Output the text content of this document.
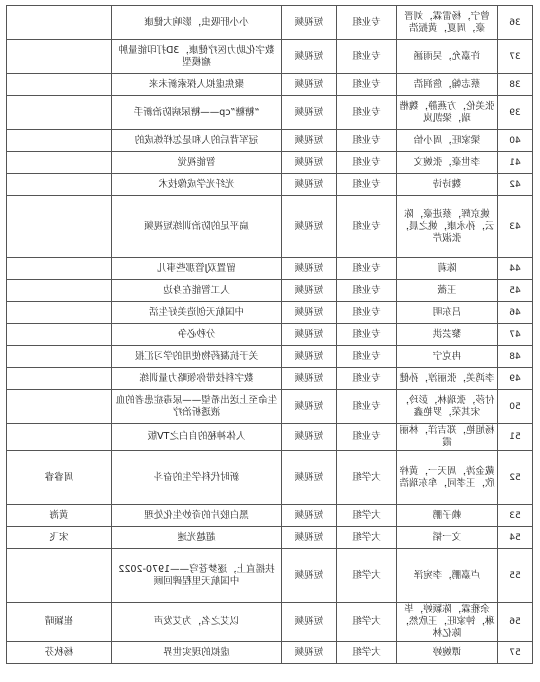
36	曾宁，杨雷霖，刘晋豪，周夏，黄振浩	专业组	短视频	小小肝吸虫，影响大健康	
37	许嘉允，吴雨涵	专业组	短视频	数字化助力医疗健康，3D打印能量肿瘤模型	
38	蔡志翰，詹润浩	专业组	短视频	聚焦虚拟人探索新未来	
39	张美伦，方燕静，魏楷瑞，梁凯岚	专业组	短视频	“糖糖”cp——糖尿病防治新手	
40	梁家旺，周小怡	专业组	短视频	冠军背后的人和是怎样炼成的	
41	李世豪，张婉文	专业组	短视频	智能视觉	
42	魏诗诗	专业组	短视频	光纤光学成像技术	
43	姚京辉，蔡进豪，陈云，孙永康，姚之晨，张淑芹	专业组	短视频	扁平足的防治训练短视频	
44	陈莉	专业组	短视频	留置双J管那些事儿	
45	王薇	专业组	短视频	人工智能在身边	
46	吕东明	专业组	短视频	中国航天创造美好生活	
47	黎芸洪	专业组	短视频	分秒必争	
48	冉克宁	专业组	短视频	关于抗凝药物使用的学习汇报	
49	李鸿美，张丽淳，孙健	专业组	短视频	数字科技带你领略力量训练	
50	付莎，张瑞林，彭玲，宋其荣，罗艳鑫	专业组	短视频	生命至上送出希望——尿毒症患者的血液透析治疗	
51	杨旭艳，郑吉洋，林丽霞	专业组	短视频	人体神秘的自白之TV版	
52	戴金涛，周天一，黄梓欣，王孝同，牟东瑞浩	大学组	短视频	新时代科学生的奋斗	周睿睿
53	赖子鹏	大学组	短视频	黑白胶片的奇妙生化处理	黄海
54	文一韬	大学组	短视频	超越光速	宋飞
55	卢嘉鹏，李宛泽	大学组	短视频	扶摇直上，逐梦苍穹——1970-2022中国航天里程碑回顾	
56	余雅霖，陈颖婷，毕琳，钟家旺，王欣然，陈亿林	大学组	短视频	以艾之名，为艾发声	崔颖晴
57	谭婉婷	大学组	短视频	虚拟的现实世界	杨秋芬
